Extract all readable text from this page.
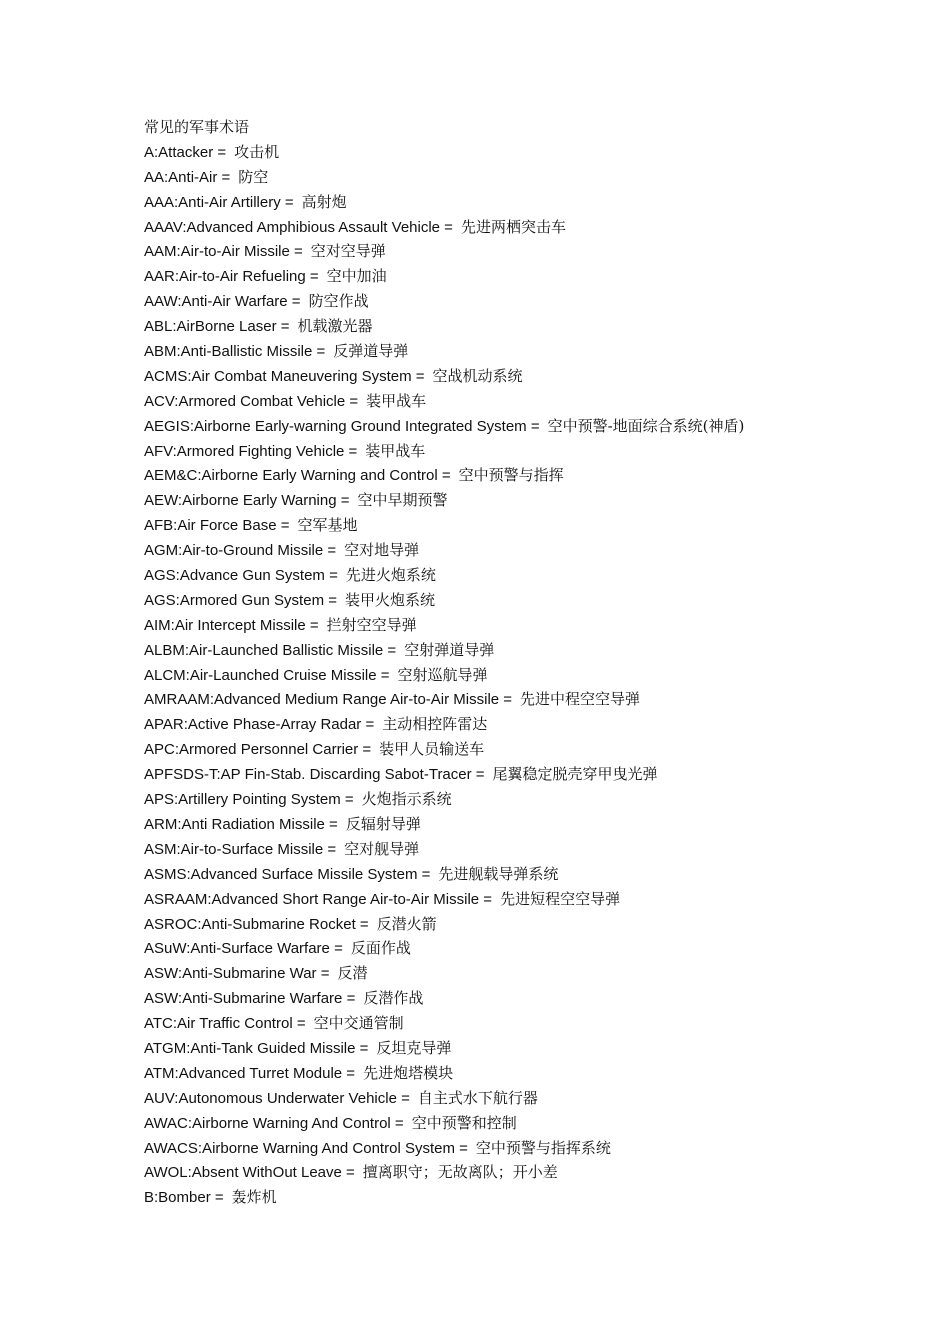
常见的军事术语
A:Attacker = 攻击机
AA:Anti-Air = 防空
AAA:Anti-Air Artillery = 高射炮
AAAV:Advanced Amphibious Assault Vehicle = 先进两栖突击车
AAM:Air-to-Air Missile = 空对空导弹
AAR:Air-to-Air Refueling = 空中加油
AAW:Anti-Air Warfare = 防空作战
ABL:AirBorne Laser = 机载激光器
ABM:Anti-Ballistic Missile = 反弹道导弹
ACMS:Air Combat Maneuvering System = 空战机动系统
ACV:Armored Combat Vehicle = 装甲战车
AEGIS:Airborne Early-warning Ground Integrated System = 空中预警-地面综合系统(神盾)
AFV:Armored Fighting Vehicle = 装甲战车
AEM&C:Airborne Early Warning and Control = 空中预警与指挥
AEW:Airborne Early Warning = 空中早期预警
AFB:Air Force Base = 空军基地
AGM:Air-to-Ground Missile = 空对地导弹
AGS:Advance Gun System = 先进火炮系统
AGS:Armored Gun System = 装甲火炮系统
AIM:Air Intercept Missile = 拦射空空导弹
ALBM:Air-Launched Ballistic Missile = 空射弹道导弹
ALCM:Air-Launched Cruise Missile = 空射巡航导弹
AMRAAM:Advanced Medium Range Air-to-Air Missile = 先进中程空空导弹
APAR:Active Phase-Array Radar = 主动相控阵雷达
APC:Armored Personnel Carrier = 装甲人员输送车
APFSDS-T:AP Fin-Stab. Discarding Sabot-Tracer = 尾翼稳定脱壳穿甲曳光弹
APS:Artillery Pointing System = 火炮指示系统
ARM:Anti Radiation Missile = 反辐射导弹
ASM:Air-to-Surface Missile = 空对舰导弹
ASMS:Advanced Surface Missile System = 先进舰载导弹系统
ASRAAM:Advanced Short Range Air-to-Air Missile = 先进短程空空导弹
ASROC:Anti-Submarine Rocket = 反潜火箭
ASuW:Anti-Surface Warfare = 反面作战
ASW:Anti-Submarine War = 反潜
ASW:Anti-Submarine Warfare = 反潜作战
ATC:Air Traffic Control = 空中交通管制
ATGM:Anti-Tank Guided Missile = 反坦克导弹
ATM:Advanced Turret Module = 先进炮塔模块
AUV:Autonomous Underwater Vehicle = 自主式水下航行器
AWAC:Airborne Warning And Control = 空中预警和控制
AWACS:Airborne Warning And Control System = 空中预警与指挥系统
AWOL:Absent WithOut Leave = 擅离职守；无故离队；开小差
B:Bomber = 轰炸机
